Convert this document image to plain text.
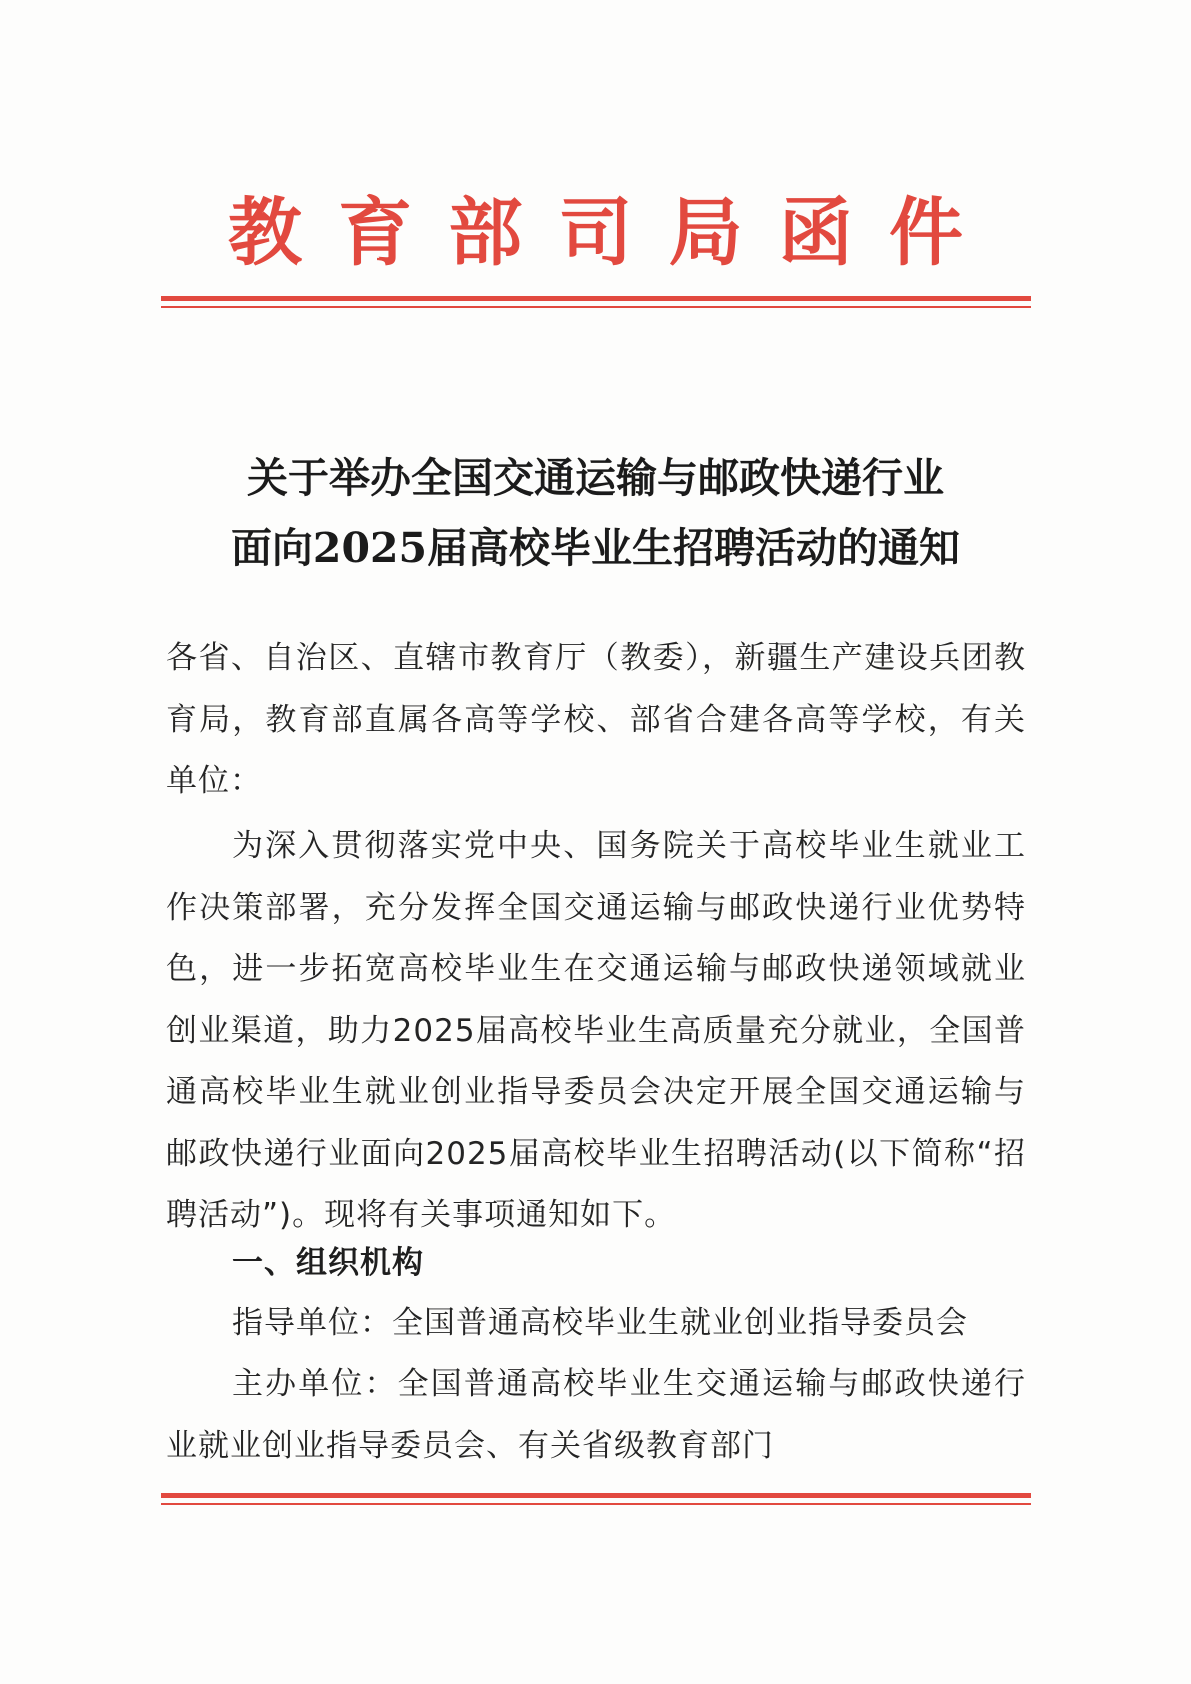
教 育 部 司 局 函 件
关于举办全国交通运输与邮政快递行业
面向2025届高校毕业生招聘活动的通知
各省、自治区、直辖市教育厅（教委），新疆生产建设兵团教育局，教育部直属各高等学校、部省合建各高等学校，有关单位：
为深入贯彻落实党中央、国务院关于高校毕业生就业工作决策部署，充分发挥全国交通运输与邮政快递行业优势特色，进一步拓宽高校毕业生在交通运输与邮政快递领域就业创业渠道，助力2025届高校毕业生高质量充分就业，全国普通高校毕业生就业创业指导委员会决定开展全国交通运输与邮政快递行业面向2025届高校毕业生招聘活动(以下简称“招聘活动”)。现将有关事项通知如下。
一、组织机构
指导单位：全国普通高校毕业生就业创业指导委员会
主办单位：全国普通高校毕业生交通运输与邮政快递行业就业创业指导委员会、有关省级教育部门
